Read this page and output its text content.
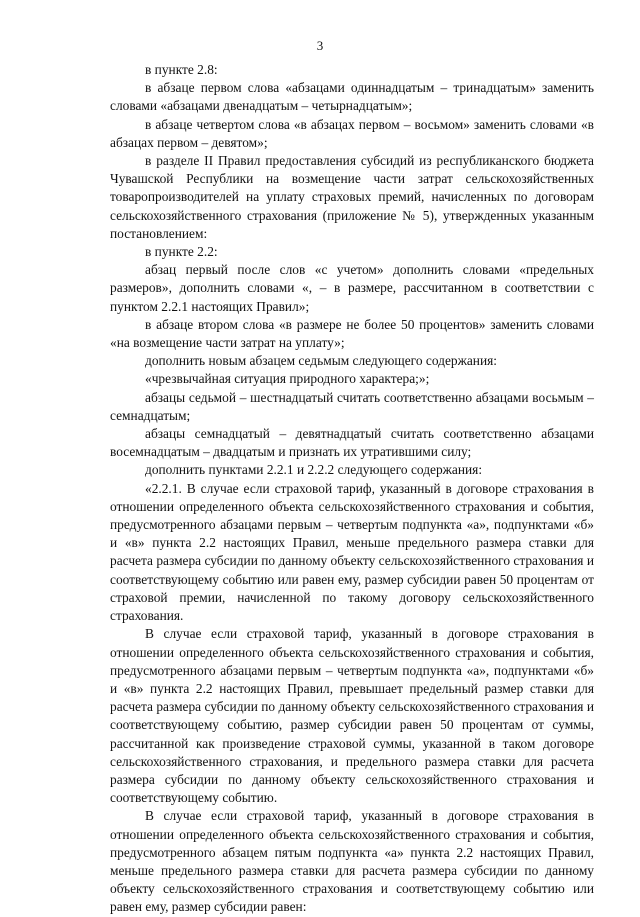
3

в пункте 2.8:

в абзаце первом слова «абзацами одиннадцатым – тринадцатым» заменить словами «абзацами двенадцатым – четырнадцатым»;

в абзаце четвертом слова «в абзацах первом – восьмом» заменить словами «в абзацах первом – девятом»;

в разделе II Правил предоставления субсидий из республиканского бюджета Чувашской Республики на возмещение части затрат сельскохозяйственных товаропроизводителей на уплату страховых премий, начисленных по договорам сельскохозяйственного страхования (приложение № 5), утвержденных указанным постановлением:

в пункте 2.2:

абзац первый после слов «с учетом» дополнить словами «предельных размеров», дополнить словами «, – в размере, рассчитанном в соответствии с пунктом 2.2.1 настоящих Правил»;

в абзаце втором слова «в размере не более 50 процентов» заменить словами «на возмещение части затрат на уплату»;

дополнить новым абзацем седьмым следующего содержания:

«чрезвычайная ситуация природного характера;»;

абзацы седьмой – шестнадцатый считать соответственно абзацами восьмым – семнадцатым;

абзацы семнадцатый – девятнадцатый считать соответственно абзацами восемнадцатым – двадцатым и признать их утратившими силу;

дополнить пунктами 2.2.1 и 2.2.2 следующего содержания:

«2.2.1. В случае если страховой тариф, указанный в договоре страхования в отношении определенного объекта сельскохозяйственного страхования и события, предусмотренного абзацами первым – четвертым подпункта «а», подпунктами «б» и «в» пункта 2.2 настоящих Правил, меньше предельного размера ставки для расчета размера субсидии по данному объекту сельскохозяйственного страхования и соответствующему событию или равен ему, размер субсидии равен 50 процентам от страховой премии, начисленной по такому договору сельскохозяйственного страхования.

В случае если страховой тариф, указанный в договоре страхования в отношении определенного объекта сельскохозяйственного страхования и события, предусмотренного абзацами первым – четвертым подпункта «а», подпунктами «б» и «в» пункта 2.2 настоящих Правил, превышает предельный размер ставки для расчета размера субсидии по данному объекту сельскохозяйственного страхования и соответствующему событию, размер субсидии равен 50 процентам от суммы, рассчитанной как произведение страховой суммы, указанной в таком договоре сельскохозяйственного страхования, и предельного размера ставки для расчета размера субсидии по данному объекту сельскохозяйственного страхования и соответствующему событию.

В случае если страховой тариф, указанный в договоре страхования в отношении определенного объекта сельскохозяйственного страхования и события, предусмотренного абзацем пятым подпункта «а» пункта 2.2 настоящих Правил, меньше предельного размера ставки для расчета размера субсидии по данному объекту сельскохозяйственного страхования и соответствующему событию или равен ему, размер субсидии равен:
